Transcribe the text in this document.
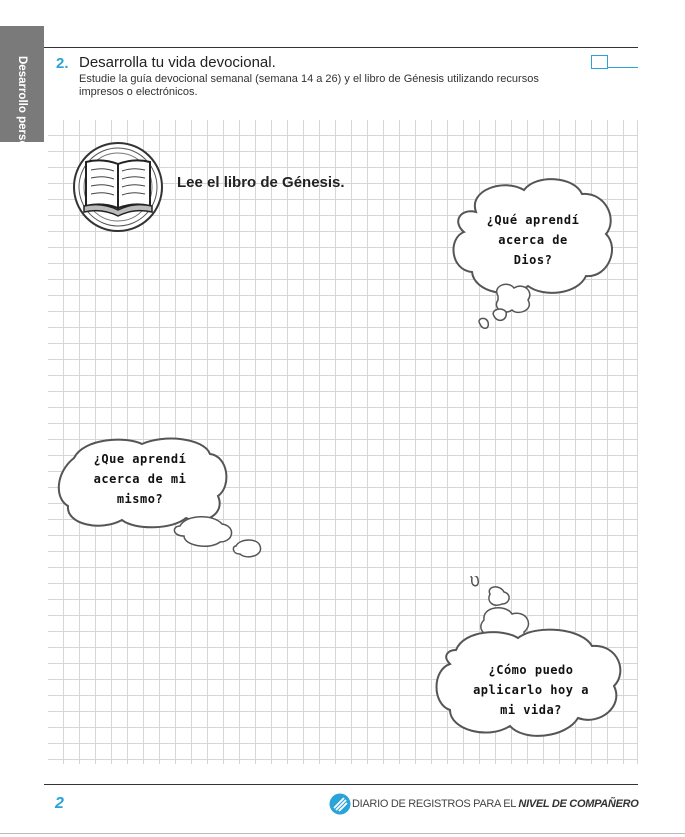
Desarrollo personal 2. Desarrolla tu vida devocional.
Estudie la guía devocional semanal (semana 14 a 26) y el libro de Génesis utilizando recursos impresos o electrónicos.
Lee el libro de Génesis.
¿Qué aprendí
acerca de
Dios?
¿Que aprendí
acerca de mi
mismo?
¿Cómo puedo
aplicarlo hoy a
mi vida?
2	DIARIO DE REGISTROS PARA EL NIVEL DE COMPAÑERO
